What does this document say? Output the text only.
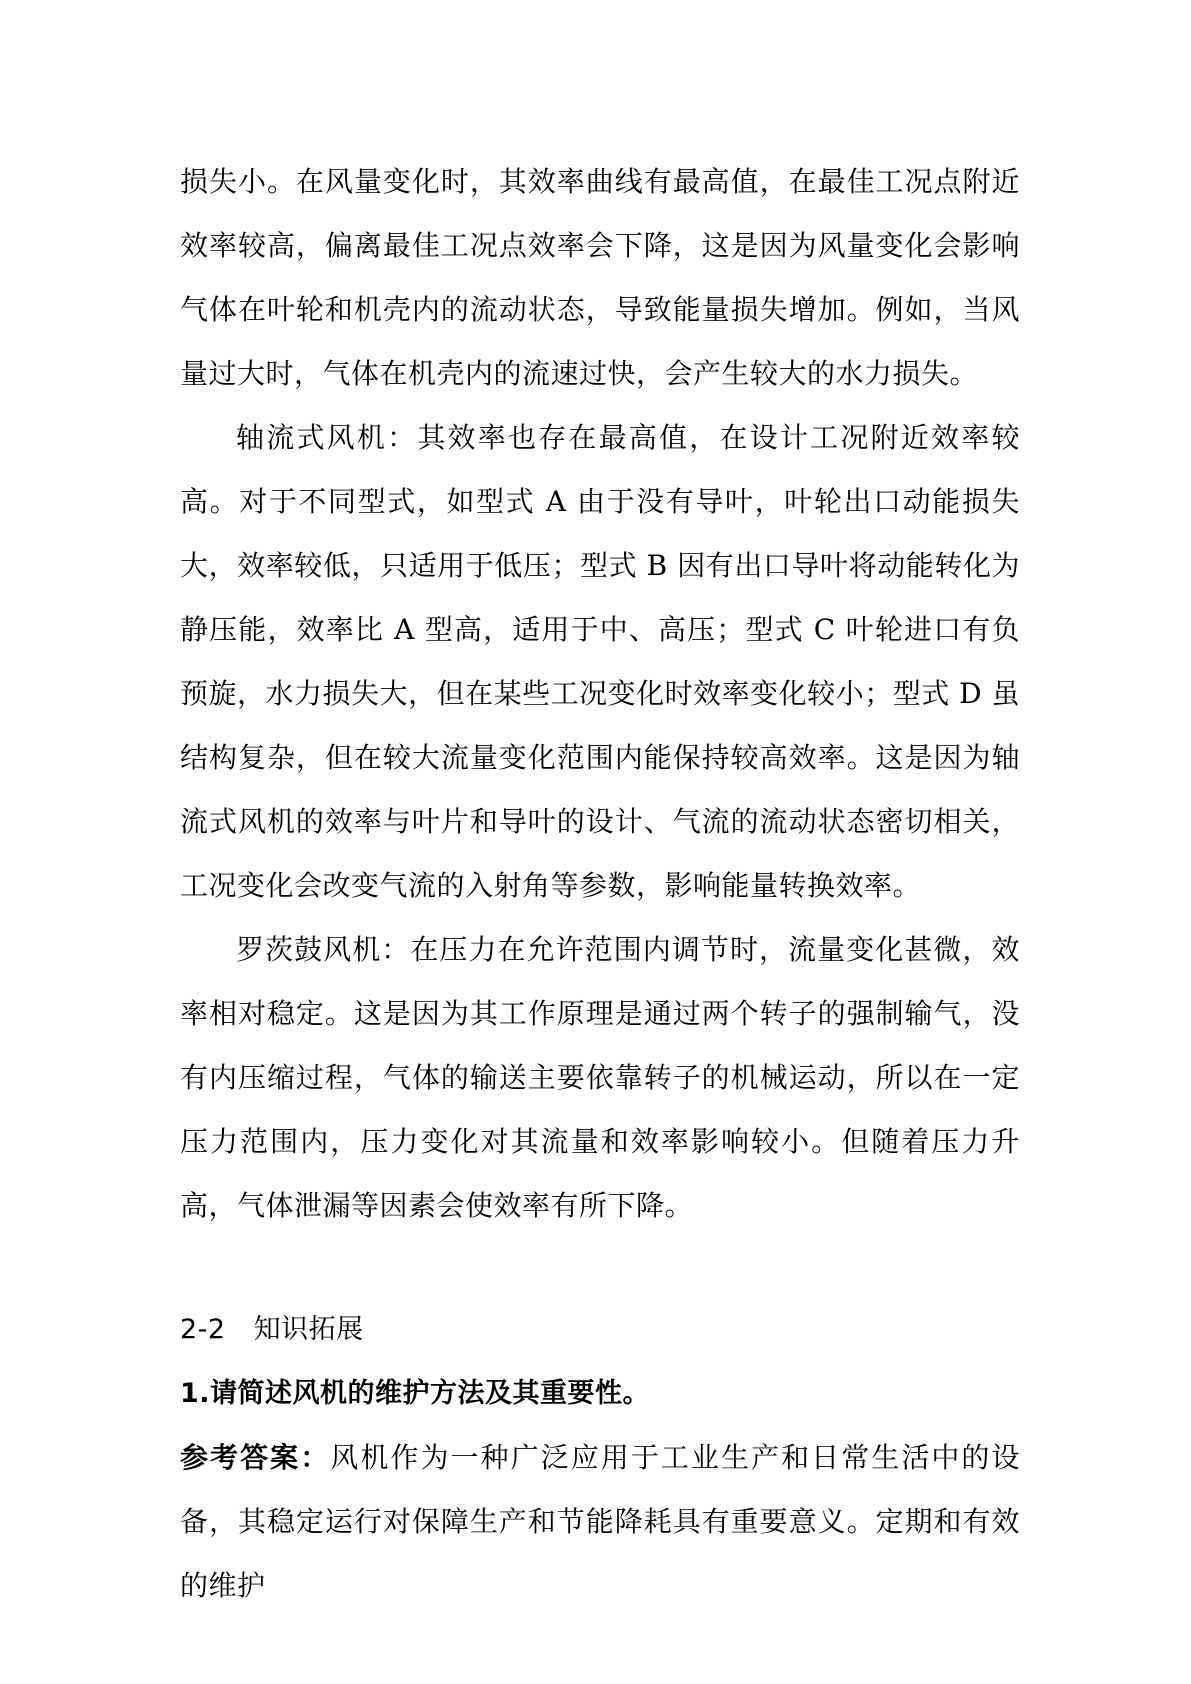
损失小。在风量变化时，其效率曲线有最高值，在最佳工况点附近效率较高，偏离最佳工况点效率会下降，这是因为风量变化会影响气体在叶轮和机壳内的流动状态，导致能量损失增加。例如，当风量过大时，气体在机壳内的流速过快，会产生较大的水力损失。

轴流式风机：其效率也存在最高值，在设计工况附近效率较高。对于不同型式，如型式 A 由于没有导叶，叶轮出口动能损失大，效率较低，只适用于低压；型式 B 因有出口导叶将动能转化为静压能，效率比 A 型高，适用于中、高压；型式 C 叶轮进口有负预旋，水力损失大，但在某些工况变化时效率变化较小；型式 D 虽结构复杂，但在较大流量变化范围内能保持较高效率。这是因为轴流式风机的效率与叶片和导叶的设计、气流的流动状态密切相关，工况变化会改变气流的入射角等参数，影响能量转换效率。

罗茨鼓风机：在压力在允许范围内调节时，流量变化甚微，效率相对稳定。这是因为其工作原理是通过两个转子的强制输气，没有内压缩过程，气体的输送主要依靠转子的机械运动，所以在一定压力范围内，压力变化对其流量和效率影响较小。但随着压力升高，气体泄漏等因素会使效率有所下降。

2-2 知识拓展

1.请简述风机的维护方法及其重要性。

参考答案：风机作为一种广泛应用于工业生产和日常生活中的设备，其稳定运行对保障生产和节能降耗具有重要意义。定期和有效的维护
